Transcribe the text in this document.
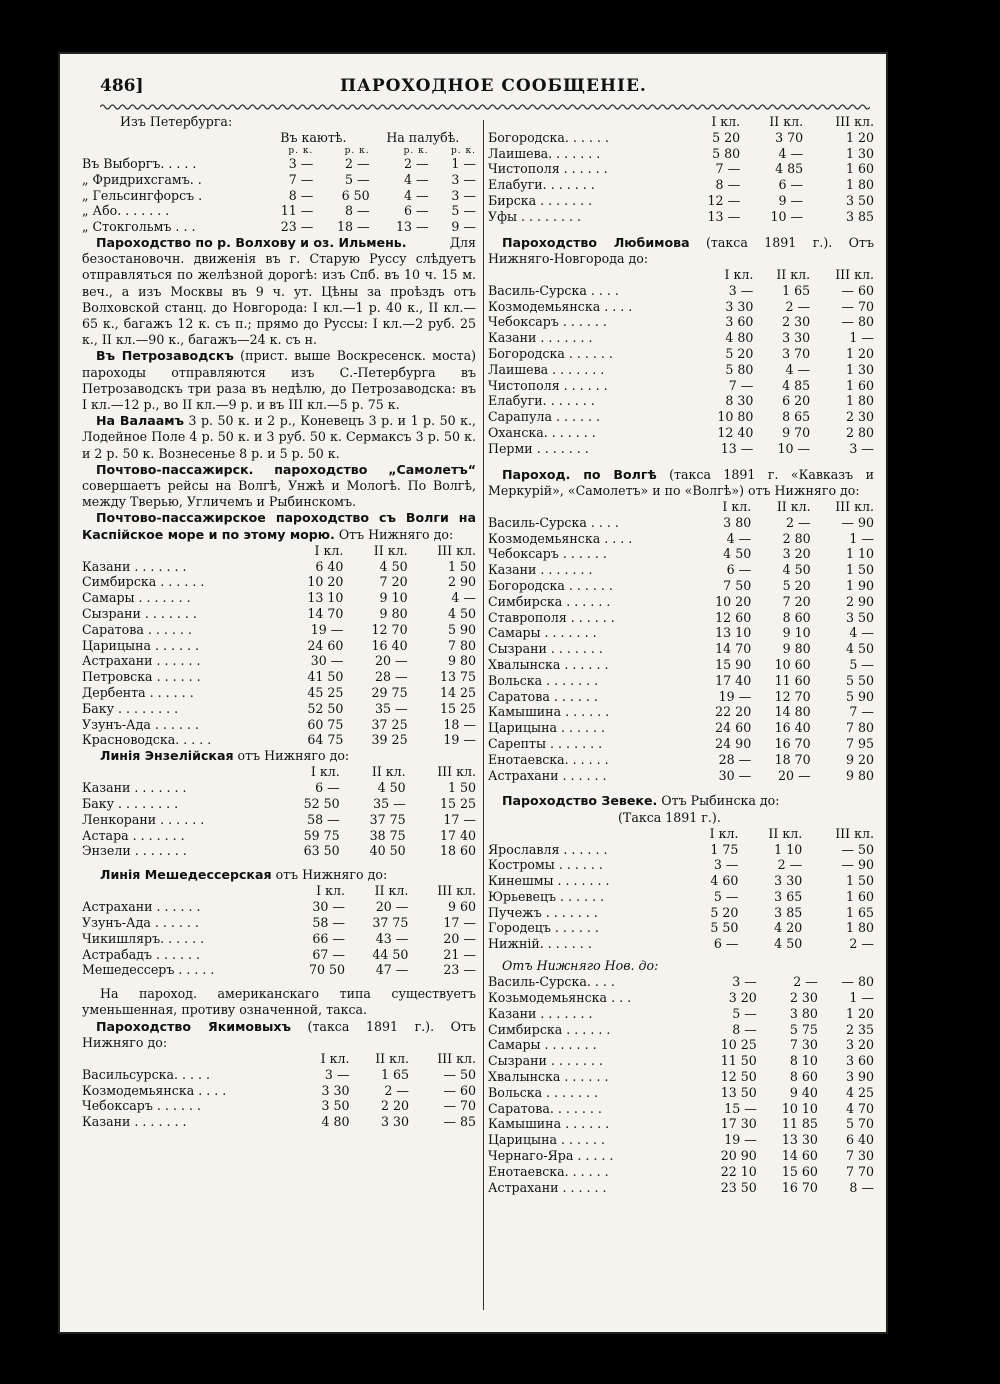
486]	ПАРОХОДНОЕ СООБЩЕНІЕ.
Изъ Петербурга:
	Въ каютѣ.		На палубѣ.	
	р. к.	р. к.	р. к.	р. к.
Въ Выборгъ. . . . .	3 —	2 —	2 —	1 —
„ Фридрихсгамъ. .	7 —	5 —	4 —	3 —
„ Гельсингфорсъ .	8 —	6 50	4 —	3 —
„ Або. . . . . . .	11 —	8 —	6 —	5 —
„ Стокгольмъ . . .	23 —	18 —	13 —	9 —

Пароходство по р. Волхову и оз. Ильмень.	Для безостановочн. движенія въ г. Старую Руссу слѣдуетъ отправляться по желѣзной дорогѣ: изъ Спб. въ 10 ч. 15 м. веч., а изъ Москвы въ 9 ч. ут. Цѣны за проѣздъ отъ Волховской станц. до Новгорода: I кл.—1 р. 40 к., II кл.—65 к., багажъ 12 к. съ п.; прямо до Руссы: I кл.—2 руб. 25 к., II кл.—90 к., багажъ—24 к. съ н.

Въ Петрозаводскъ (прист. выше Воскресенск. моста) пароходы отправляются изъ С.-Петербурга въ Петрозаводскъ три раза въ недѣлю, до Петрозаводска: въ I кл.—12 р., во II кл.—9 р. и въ III кл.—5 р. 75 к.

На Валаамъ 3 р. 50 к. и 2 р., Коневецъ 3 р. и 1 р. 50 к., Лодейное Поле 4 р. 50 к. и 3 руб. 50 к. Сермаксъ 3 р. 50 к. и 2 р. 50 к. Вознесенье 8 р. и 5 р. 50 к.

Почтово-пассажирск. пароходство „Самолетъ“ совершаетъ рейсы на Волгѣ, Унжѣ и Мологѣ. По Волгѣ, между Тверью, Угличемъ и Рыбинскомъ.

Почтово-пассажирское пароходство съ Волги на Каспійское море и по этому морю. Отъ Нижняго до:

	I кл.	II кл.	III кл.
Казани . . . . . . .	6 40	4 50	1 50
Симбирска . . . . . .	10 20	7 20	2 90
Самары . . . . . . .	13 10	9 10	4 —
Сызрани . . . . . . .	14 70	9 80	4 50
Саратова . . . . . .	19 —	12 70	5 90
Царицына . . . . . .	24 60	16 40	7 80
Астрахани . . . . . .	30 —	20 —	9 80
Петровска . . . . . .	41 50	28 —	13 75
Дербента . . . . . .	45 25	29 75	14 25
Баку . . . . . . . .	52 50	35 —	15 25
Узунъ-Ада . . . . . .	60 75	37 25	18 —
Красноводска. . . . .	64 75	39 25	19 —

Линія Энзелійская отъ Нижняго до:

	I кл.	II кл.	III кл.
Казани . . . . . . .	6 —	4 50	1 50
Баку . . . . . . . .	52 50	35 —	15 25
Ленкорани . . . . . .	58 —	37 75	17 —
Астара . . . . . . .	59 75	38 75	17 40
Энзели . . . . . . .	63 50	40 50	18 60

Линія Мешедессерская отъ Нижняго до:

	I кл.	II кл.	III кл.
Астрахани . . . . . .	30 —	20 —	9 60
Узунъ-Ада . . . . . .	58 —	37 75	17 —
Чикишляръ. . . . . .	66 —	43 —	20 —
Астрабадъ . . . . . .	67 —	44 50	21 —
Мешедессеръ . . . . .	70 50	47 —	23 —

На пароход. американскаго типа существуетъ уменьшенная, противу означенной, такса.

Пароходство Якимовыхъ (такса 1891 г.). Отъ Нижняго до:

	I кл.	II кл.	III кл.
Васильсурска. . . . .	3 —	1 65	— 50
Козмодемьянска . . . .	3 30	2 —	— 60
Чебоксаръ . . . . . .	3 50	2 20	— 70
Казани . . . . . . .	4 80	3 30	— 85
	I кл.	II кл.	III кл.
Богородска. . . . . .	5 20	3 70	1 20
Лаишева. . . . . . .	5 80	4 —	1 30
Чистополя . . . . . .	7 —	4 85	1 60
Елабуги. . . . . . .	8 —	6 —	1 80
Бирска . . . . . . .	12 —	9 —	3 50
Уфы . . . . . . . .	13 —	10 —	3 85

Пароходство Любимова (такса 1891 г.). Отъ Нижняго-Новгорода до:

	I кл.	II кл.	III кл.
Василь-Сурска . . . .	3 —	1 65	— 60
Козмодемьянска . . . .	3 30	2 —	— 70
Чебоксаръ . . . . . .	3 60	2 30	— 80
Казани . . . . . . .	4 80	3 30	1 —
Богородска . . . . . .	5 20	3 70	1 20
Лаишева . . . . . . .	5 80	4 —	1 30
Чистополя . . . . . .	7 —	4 85	1 60
Елабуги. . . . . . .	8 30	6 20	1 80
Сарапула . . . . . .	10 80	8 65	2 30
Оханска. . . . . . .	12 40	9 70	2 80
Перми . . . . . . .	13 —	10 —	3 —

Пароход. по Волгѣ (такса 1891 г. «Кавказъ и Меркурій», «Самолетъ» и по «Волгѣ») отъ Нижняго до:

	I кл.	II кл.	III кл.
Василь-Сурска . . . .	3 80	2 —	— 90
Козмодемьянска . . . .	4 —	2 80	1 —
Чебоксаръ . . . . . .	4 50	3 20	1 10
Казани . . . . . . .	6 —	4 50	1 50
Богородска . . . . . .	7 50	5 20	1 90
Симбирска . . . . . .	10 20	7 20	2 90
Ставрополя . . . . . .	12 60	8 60	3 50
Самары . . . . . . .	13 10	9 10	4 —
Сызрани . . . . . . .	14 70	9 80	4 50
Хвалынска . . . . . .	15 90	10 60	5 —
Вольска . . . . . . .	17 40	11 60	5 50
Саратова . . . . . .	19 —	12 70	5 90
Камышина . . . . . .	22 20	14 80	7 —
Царицына . . . . . .	24 60	16 40	7 80
Сарепты . . . . . . .	24 90	16 70	7 95
Енотаевска. . . . . .	28 —	18 70	9 20
Астрахани . . . . . .	30 —	20 —	9 80

Пароходство Зевеке. Отъ Рыбинска до:

(Такса 1891 г.).

	I кл.	II кл.	III кл.
Ярославля . . . . . .	1 75	1 10	— 50
Костромы . . . . . .	3 —	2 —	— 90
Кинешмы . . . . . . .	4 60	3 30	1 50
Юрьевецъ . . . . . .	5 —	3 65	1 60
Пучежъ . . . . . . .	5 20	3 85	1 65
Городецъ . . . . . .	5 50	4 20	1 80
Нижній. . . . . . .	6 —	4 50	2 —

Отъ Нижняго Нов. до:

Василь-Сурска. . . .	3 —	2 —	— 80
Козьмодемьянска . . .	3 20	2 30	1 —
Казани . . . . . . .	5 —	3 80	1 20
Симбирска . . . . . .	8 —	5 75	2 35
Самары . . . . . . .	10 25	7 30	3 20
Сызрани . . . . . . .	11 50	8 10	3 60
Хвалынска . . . . . .	12 50	8 60	3 90
Вольска . . . . . . .	13 50	9 40	4 25
Саратова. . . . . . .	15 —	10 10	4 70
Камышина . . . . . .	17 30	11 85	5 70
Царицына . . . . . .	19 —	13 30	6 40
Чернаго-Яра . . . . .	20 90	14 60	7 30
Енотаевска. . . . . .	22 10	15 60	7 70
Астрахани . . . . . .	23 50	16 70	8 —
